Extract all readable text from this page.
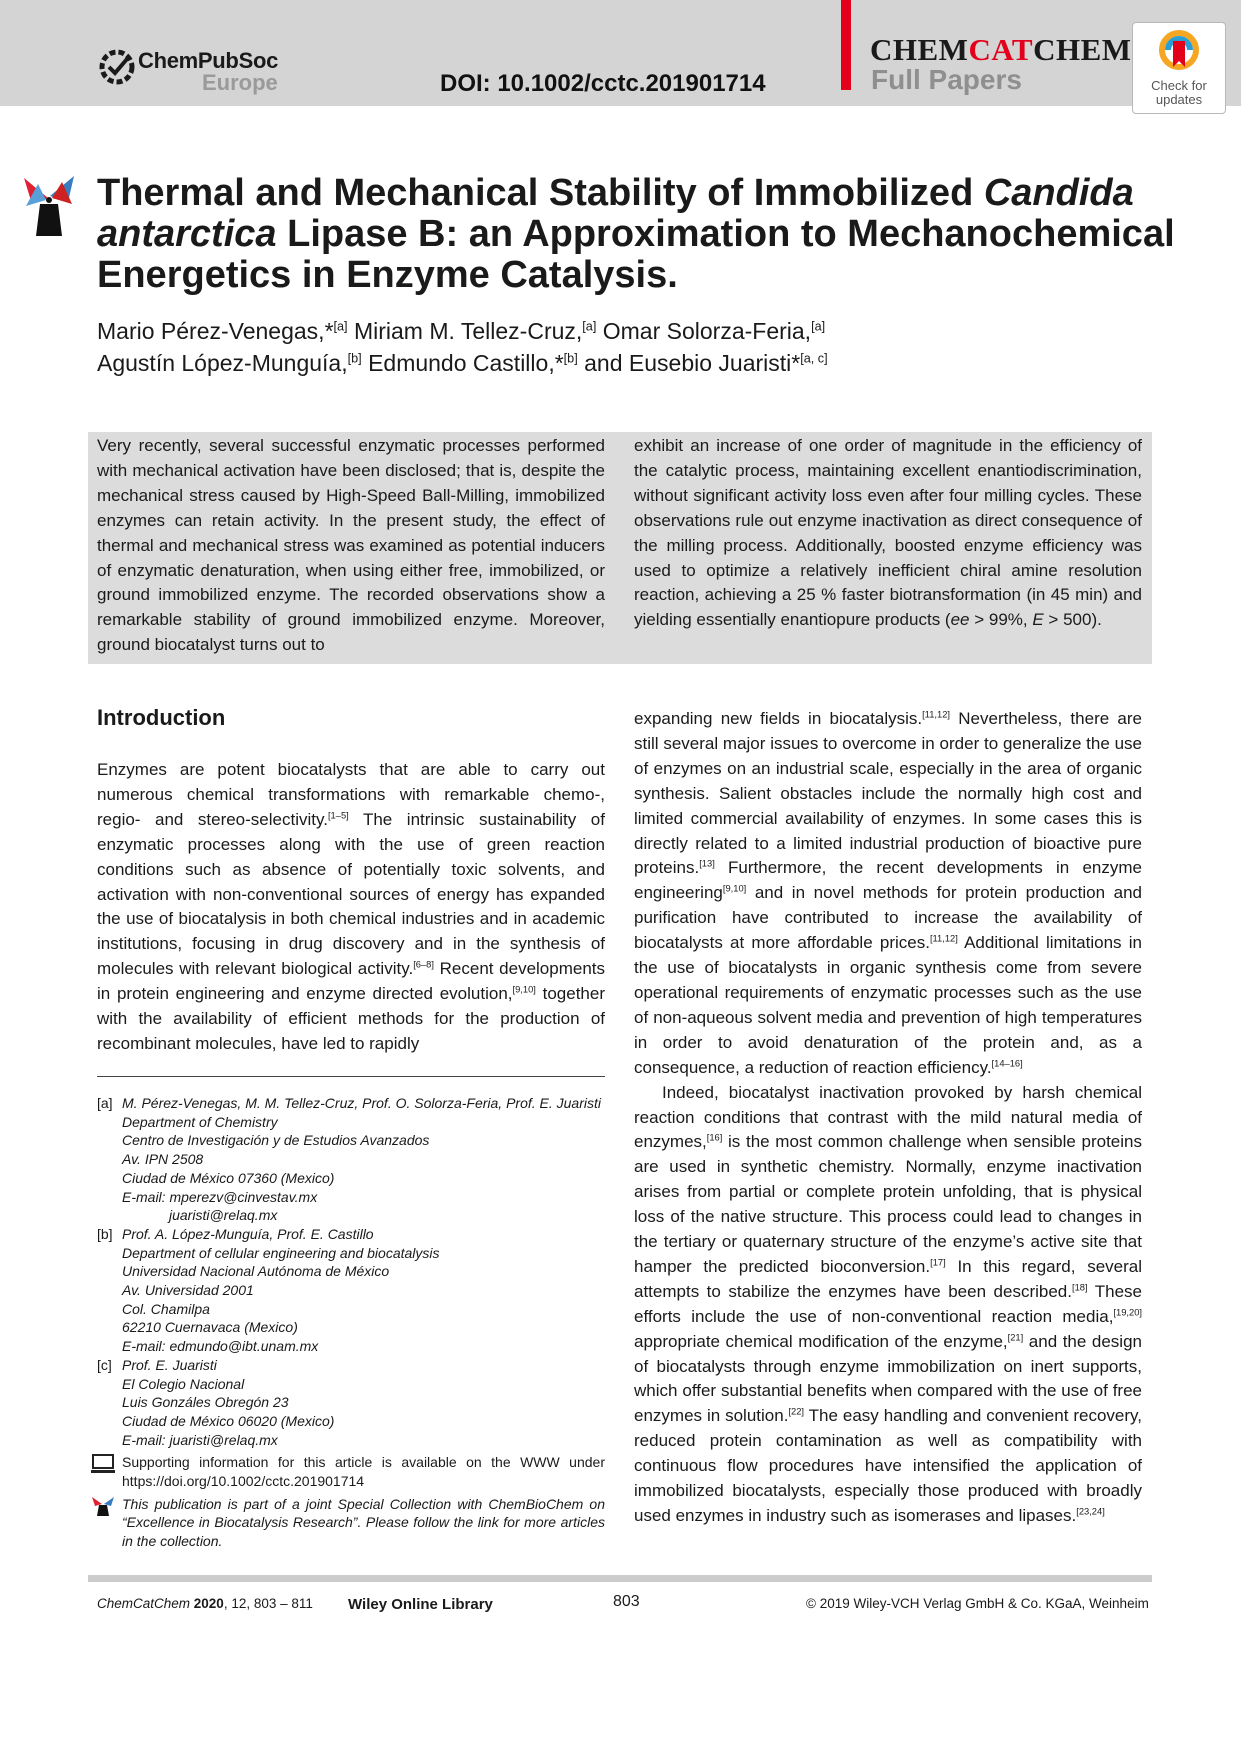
ChemPubSoc
Europe	DOI: 10.1002/cctc.201901714
CHEMCATCHEM
Full Papers	Check for
updates
Thermal and Mechanical Stability of Immobilized Candida antarctica Lipase B: an Approximation to Mechanochemical Energetics in Enzyme Catalysis.
Mario Pérez-Venegas,*[a] Miriam M. Tellez-Cruz,[a] Omar Solorza-Feria,[a]
Agustín López-Munguía,[b] Edmundo Castillo,*[b] and Eusebio Juaristi*[a, c]
Very recently, several successful enzymatic processes performed with mechanical activation have been disclosed; that is, despite the mechanical stress caused by High-Speed Ball-Milling, immobilized enzymes can retain activity. In the present study, the effect of thermal and mechanical stress was examined as potential inducers of enzymatic denaturation, when using either free, immobilized, or ground immobilized enzyme. The recorded observations show a remarkable stability of ground immobilized enzyme. Moreover, ground biocatalyst turns out to
exhibit an increase of one order of magnitude in the efficiency of the catalytic process, maintaining excellent enantiodiscrimination, without significant activity loss even after four milling cycles. These observations rule out enzyme inactivation as direct consequence of the milling process. Additionally, boosted enzyme efficiency was used to optimize a relatively inefficient chiral amine resolution reaction, achieving a 25 % faster biotransformation (in 45 min) and yielding essentially enantiopure products (ee > 99%, E > 500).
Introduction

Enzymes are potent biocatalysts that are able to carry out numerous chemical transformations with remarkable chemo-, regio- and stereo-selectivity.[1–5] The intrinsic sustainability of enzymatic processes along with the use of green reaction conditions such as absence of potentially toxic solvents, and activation with non-conventional sources of energy has expanded the use of biocatalysis in both chemical industries and in academic institutions, focusing in drug discovery and in the synthesis of molecules with relevant biological activity.[6–8] Recent developments in protein engineering and enzyme directed evolution,[9,10] together with the availability of efficient methods for the production of recombinant molecules, have led to rapidly

expanding new fields in biocatalysis.[11,12] Nevertheless, there are still several major issues to overcome in order to generalize the use of enzymes on an industrial scale, especially in the area of organic synthesis. Salient obstacles include the normally high cost and limited commercial availability of enzymes. In some cases this is directly related to a limited industrial production of bioactive pure proteins.[13] Furthermore, the recent developments in enzyme engineering[9,10] and in novel methods for protein production and purification have contributed to increase the availability of biocatalysts at more affordable prices.[11,12] Additional limitations in the use of biocatalysts in organic synthesis come from severe operational requirements of enzymatic processes such as the use of non-aqueous solvent media and prevention of high temperatures in order to avoid denaturation of the protein and, as a consequence, a reduction of reaction efficiency.[14–16]

Indeed, biocatalyst inactivation provoked by harsh chemical reaction conditions that contrast with the mild natural media of enzymes,[16] is the most common challenge when sensible proteins are used in synthetic chemistry. Normally, enzyme inactivation arises from partial or complete protein unfolding, that is physical loss of the native structure. This process could lead to changes in the tertiary or quaternary structure of the enzyme’s active site that hamper the predicted bioconversion.[17] In this regard, several attempts to stabilize the enzymes have been described.[18] These efforts include the use of non-conventional reaction media,[19,20] appropriate chemical modification of the enzyme,[21] and the design of biocatalysts through enzyme immobilization on inert supports, which offer substantial benefits when compared with the use of free enzymes in solution.[22] The easy handling and convenient recovery, reduced protein contamination as well as compatibility with continuous flow procedures have intensified the application of immobilized biocatalysts, especially those produced with broadly used enzymes in industry such as isomerases and lipases.[23,24]

[a] M. Pérez-Venegas, M. M. Tellez-Cruz, Prof. O. Solorza-Feria, Prof. E. Juaristi
Department of Chemistry
Centro de Investigación y de Estudios Avanzados
Av. IPN 2508
Ciudad de México 07360 (Mexico)
E-mail: mperezv@cinvestav.mx
juaristi@relaq.mx
[b] Prof. A. López-Munguía, Prof. E. Castillo
Department of cellular engineering and biocatalysis
Universidad Nacional Autónoma de México
Av. Universidad 2001
Col. Chamilpa
62210 Cuernavaca (Mexico)
E-mail: edmundo@ibt.unam.mx
[c] Prof. E. Juaristi
El Colegio Nacional
Luis Gonzáles Obregón 23
Ciudad de México 06020 (Mexico)
E-mail: juaristi@relaq.mx
Supporting information for this article is available on the WWW under https://doi.org/10.1002/cctc.201901714
This publication is part of a joint Special Collection with ChemBioChem on “Excellence in Biocatalysis Research”. Please follow the link for more articles in the collection.
ChemCatChem 2020, 12, 803 – 811 Wiley Online Library	803	© 2019 Wiley-VCH Verlag GmbH & Co. KGaA, Weinheim
